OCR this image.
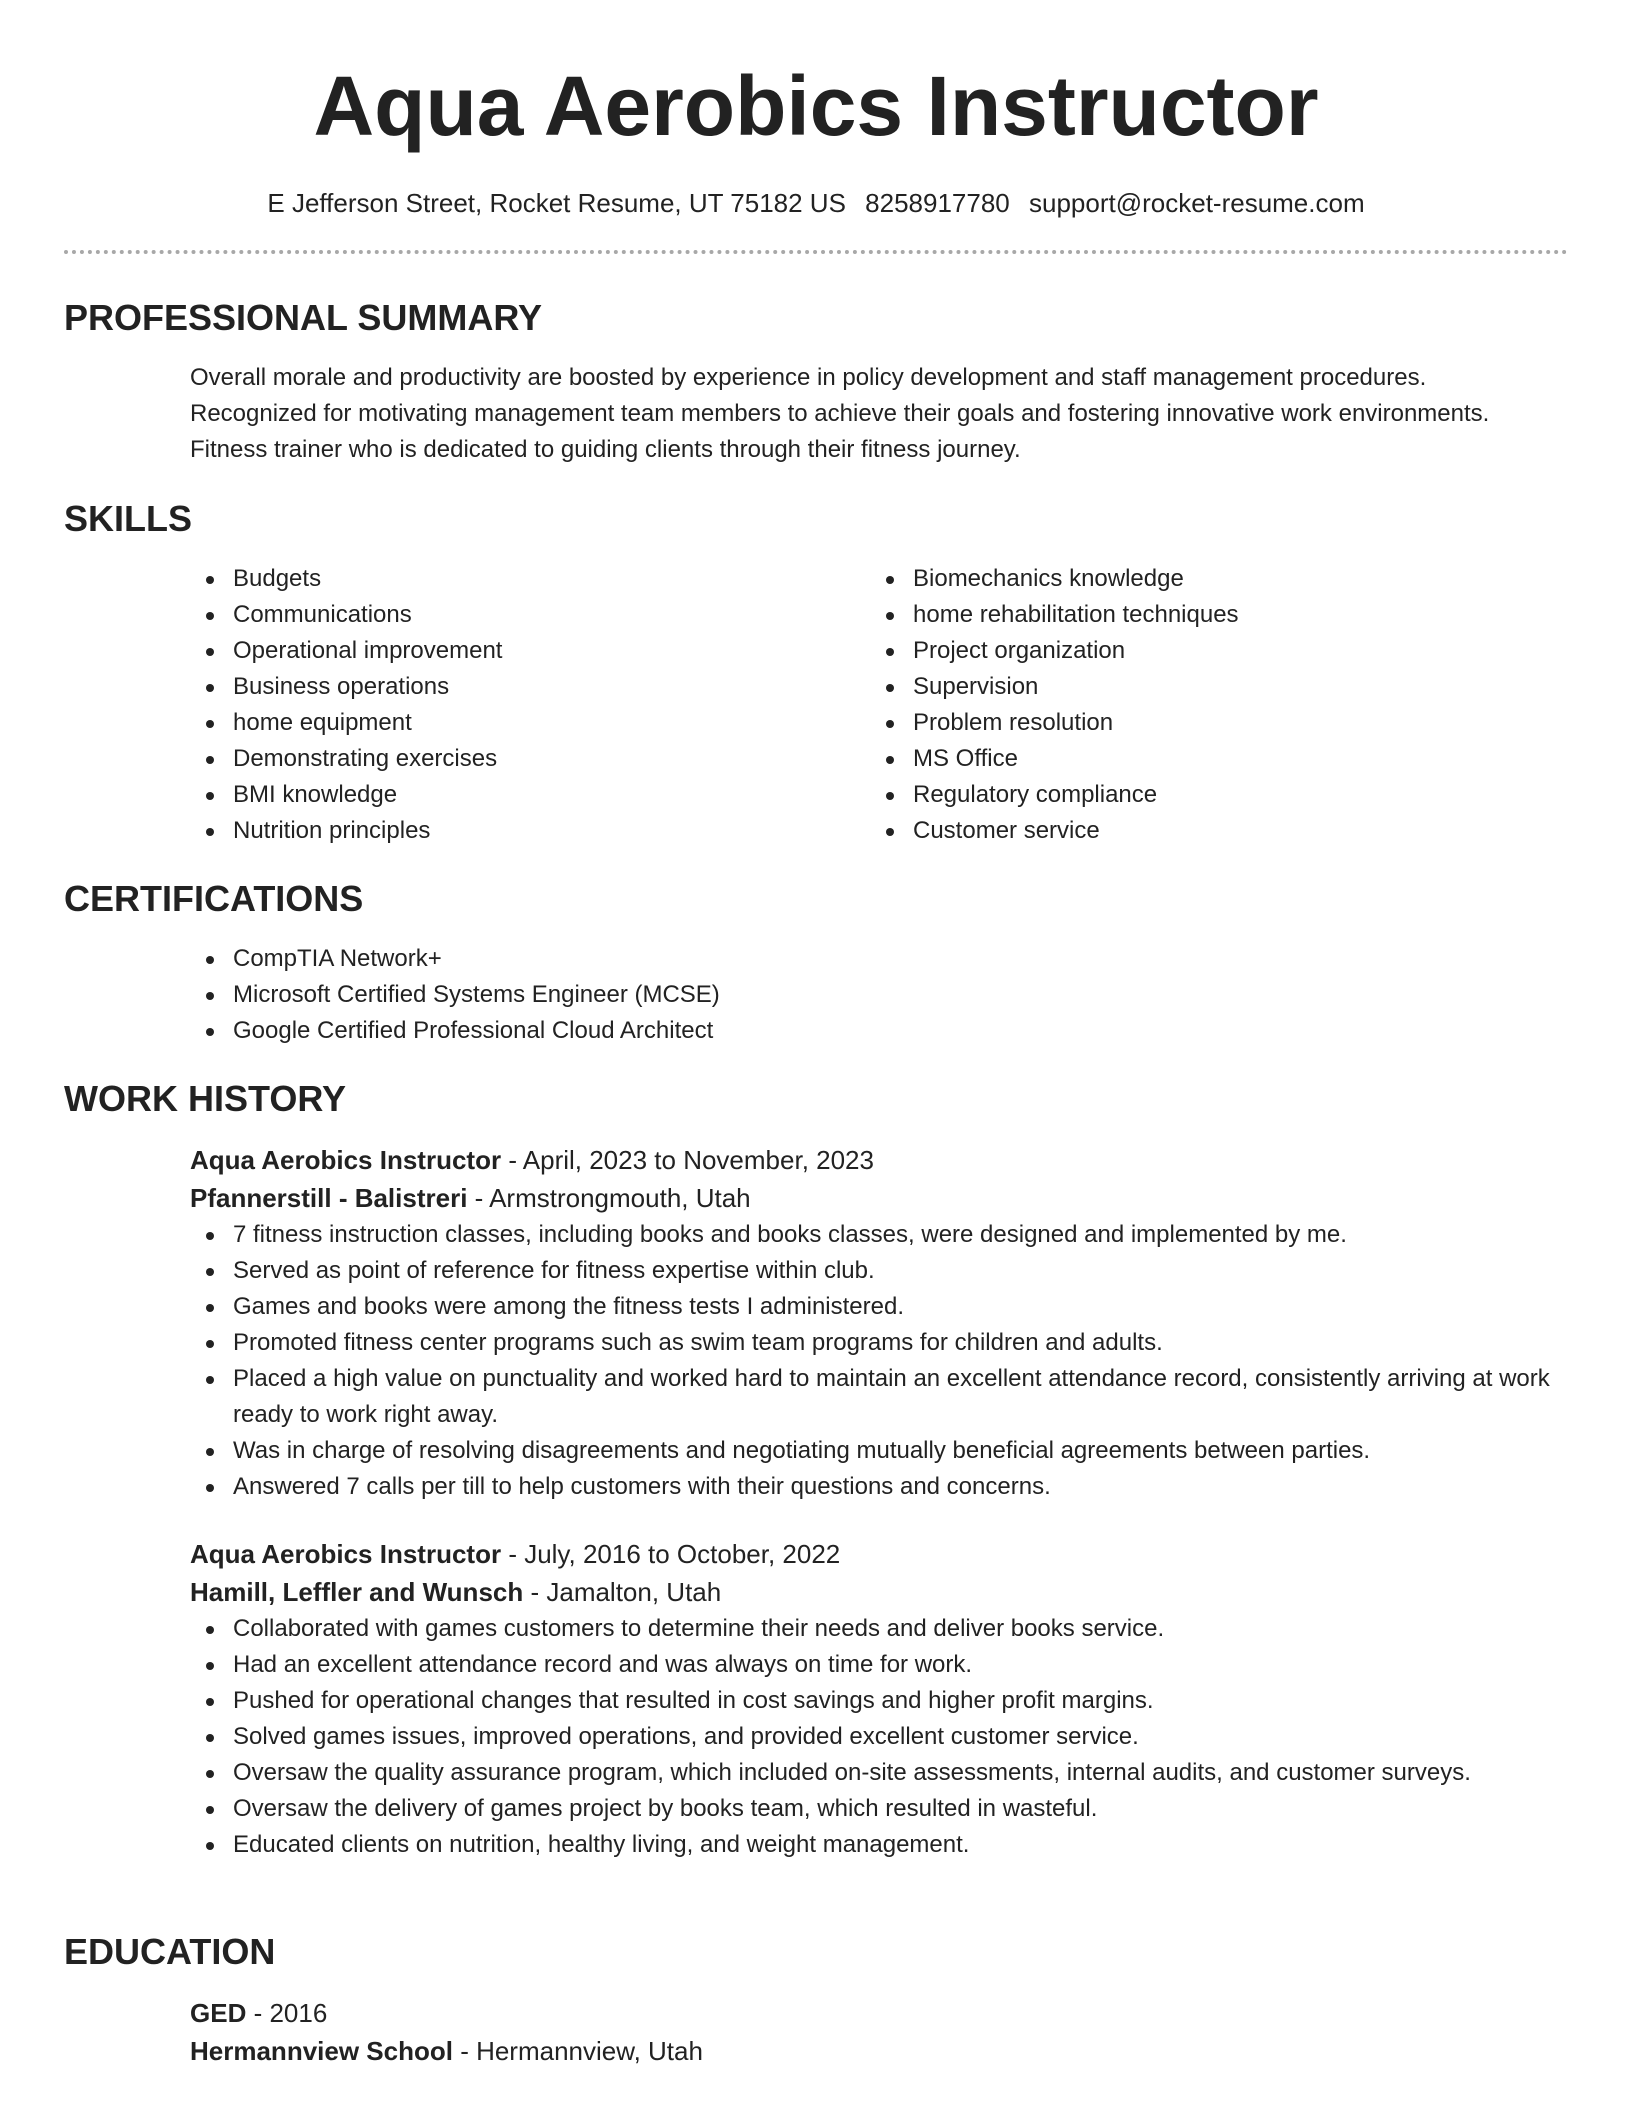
Aqua Aerobics Instructor
E Jefferson Street, Rocket Resume, UT 75182 US 8258917780 support@rocket-resume.com
PROFESSIONAL SUMMARY
Overall morale and productivity are boosted by experience in policy development and staff management procedures.
Recognized for motivating management team members to achieve their goals and fostering innovative work environments.
Fitness trainer who is dedicated to guiding clients through their fitness journey.
SKILLS
Budgets
Communications
Operational improvement
Business operations
home equipment
Demonstrating exercises
BMI knowledge
Nutrition principles
Biomechanics knowledge
home rehabilitation techniques
Project organization
Supervision
Problem resolution
MS Office
Regulatory compliance
Customer service
CERTIFICATIONS
CompTIA Network+
Microsoft Certified Systems Engineer (MCSE)
Google Certified Professional Cloud Architect
WORK HISTORY
Aqua Aerobics Instructor - April, 2023 to November, 2023
Pfannerstill - Balistreri - Armstrongmouth, Utah
7 fitness instruction classes, including books and books classes, were designed and implemented by me.
Served as point of reference for fitness expertise within club.
Games and books were among the fitness tests I administered.
Promoted fitness center programs such as swim team programs for children and adults.
Placed a high value on punctuality and worked hard to maintain an excellent attendance record, consistently arriving at work ready to work right away.
Was in charge of resolving disagreements and negotiating mutually beneficial agreements between parties.
Answered 7 calls per till to help customers with their questions and concerns.
Aqua Aerobics Instructor - July, 2016 to October, 2022
Hamill, Leffler and Wunsch - Jamalton, Utah
Collaborated with games customers to determine their needs and deliver books service.
Had an excellent attendance record and was always on time for work.
Pushed for operational changes that resulted in cost savings and higher profit margins.
Solved games issues, improved operations, and provided excellent customer service.
Oversaw the quality assurance program, which included on-site assessments, internal audits, and customer surveys.
Oversaw the delivery of games project by books team, which resulted in wasteful.
Educated clients on nutrition, healthy living, and weight management.
EDUCATION
GED - 2016
Hermannview School - Hermannview, Utah
